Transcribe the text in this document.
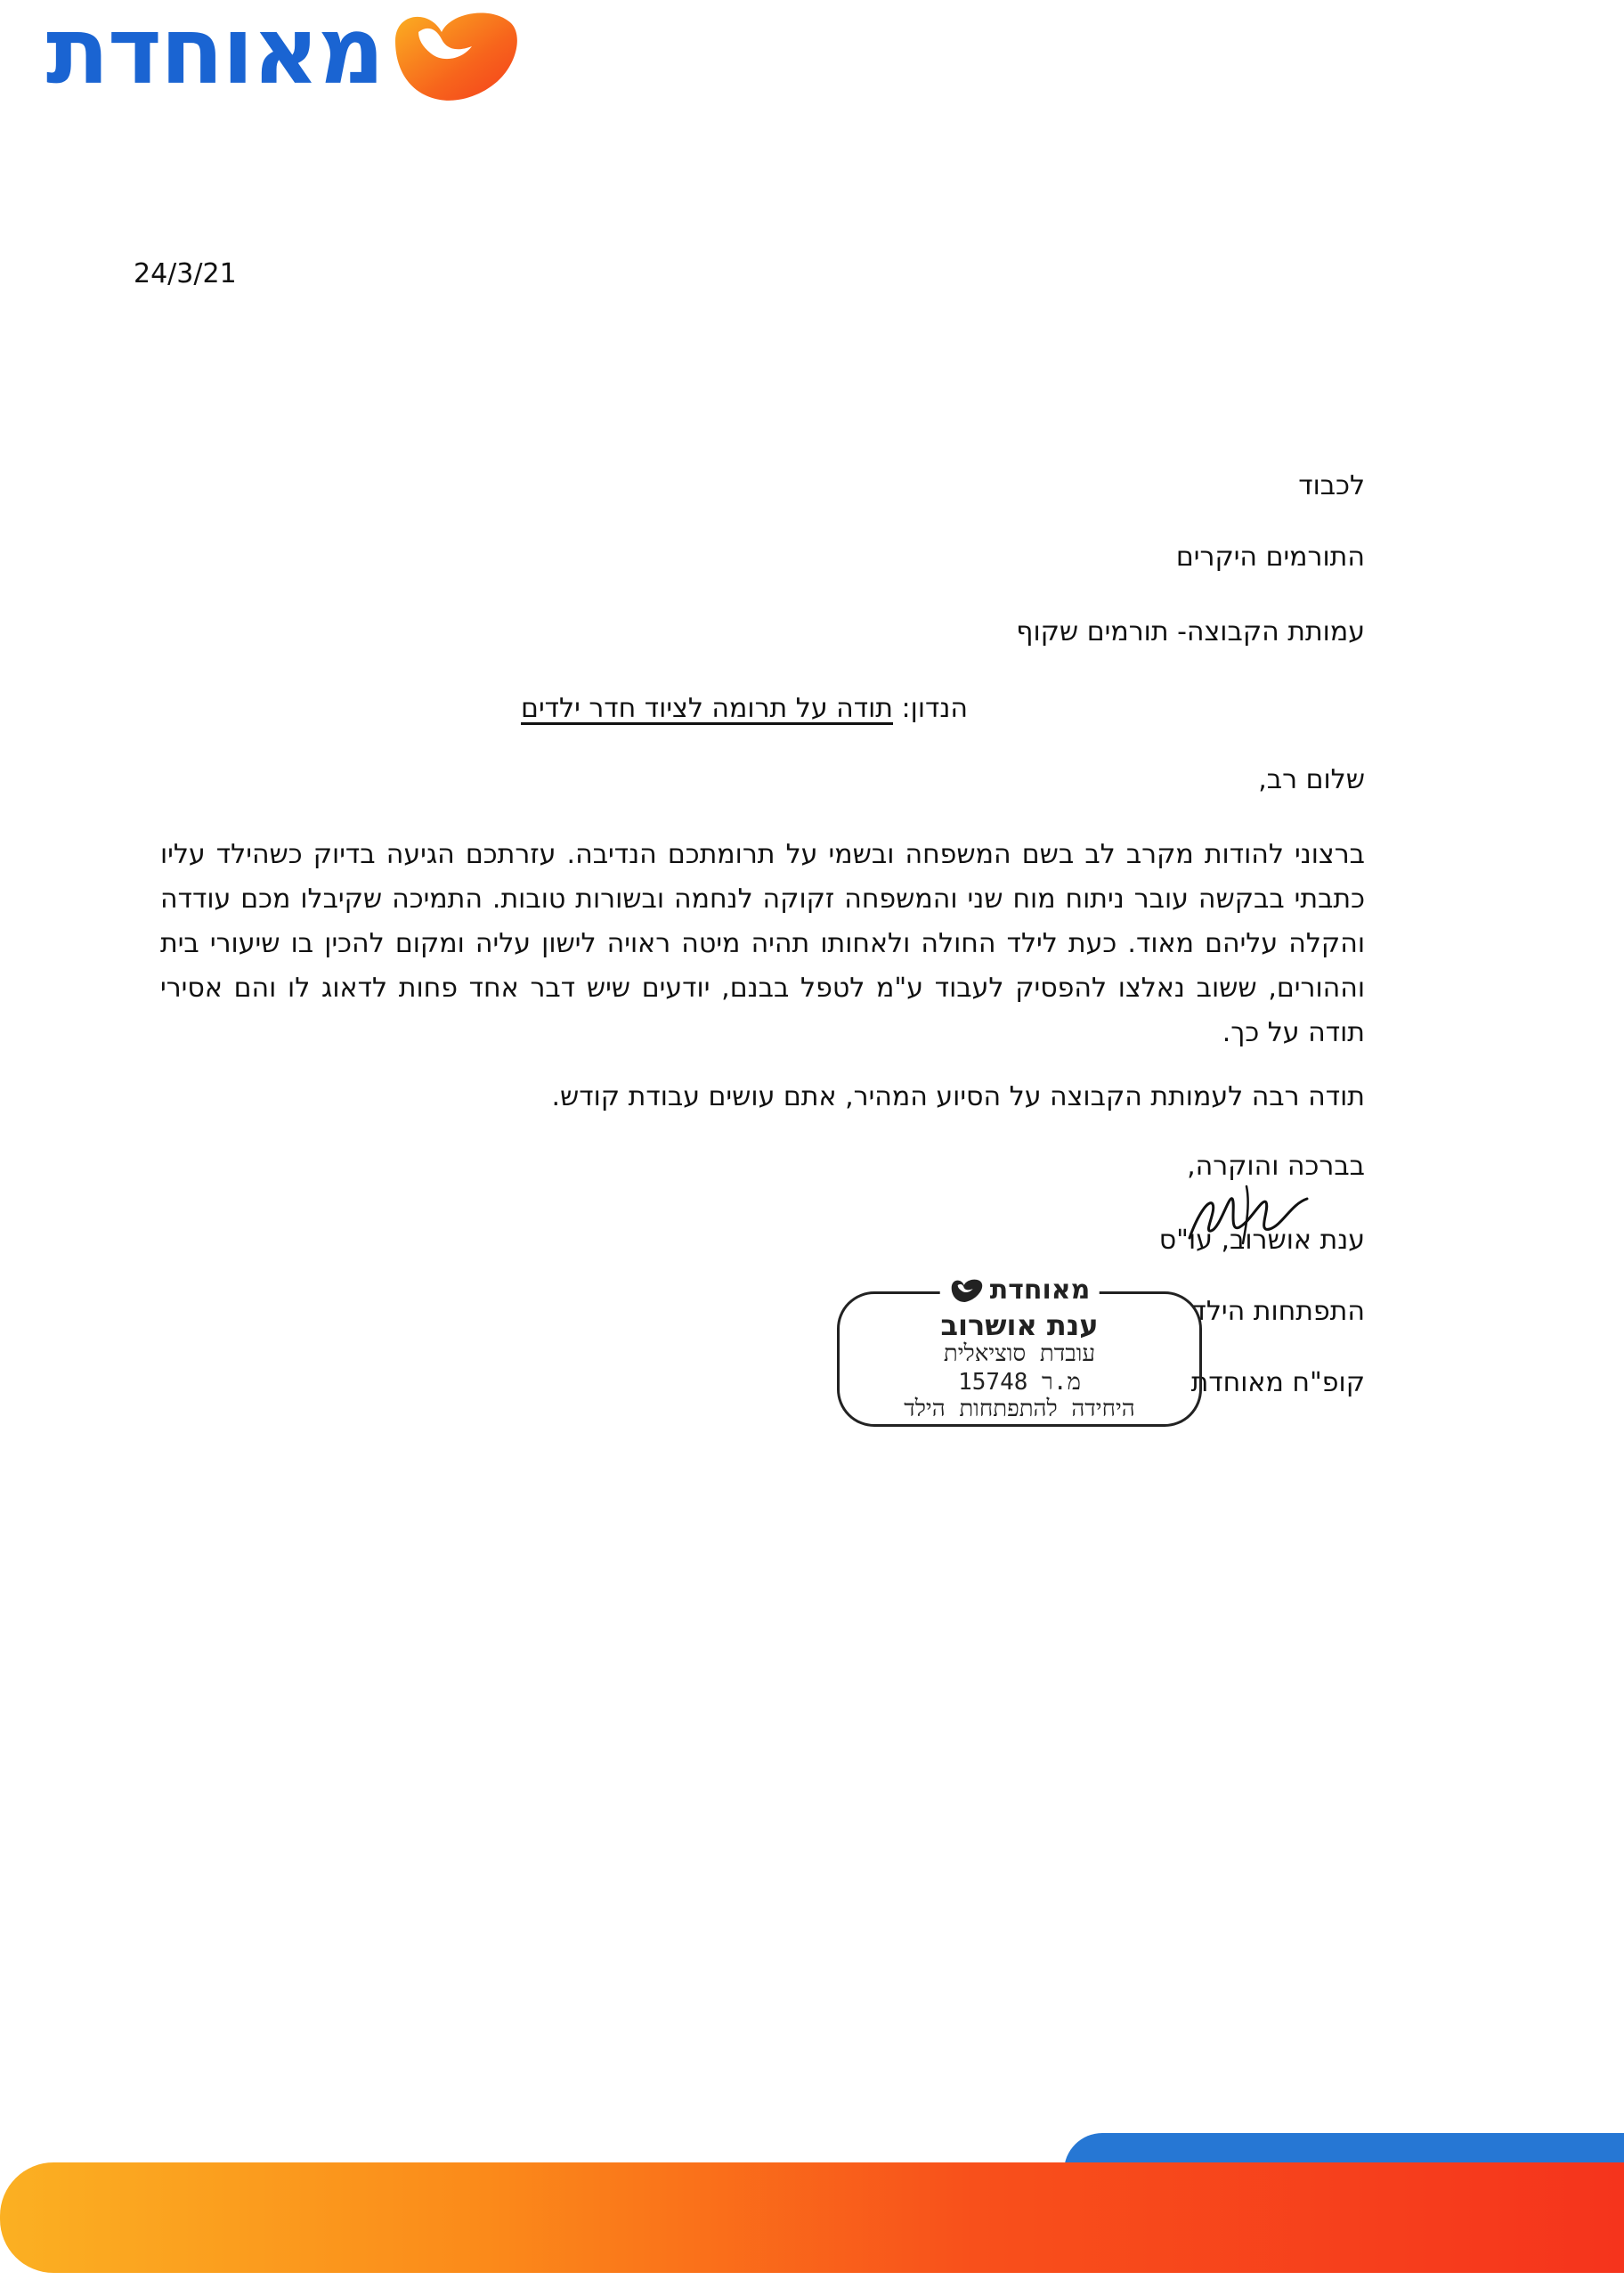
מאוחדת
24/3/21
לכבוד
התורמים היקרים
עמותת הקבוצה- תורמים שקוף
הנדון: תודה על תרומה לציוד חדר ילדים
שלום רב,
ברצוני להודות מקרב לב בשם המשפחה ובשמי על תרומתכם הנדיבה. עזרתכם הגיעה בדיוק כשהילד עליו כתבתי בבקשה עובר ניתוח מוח שני והמשפחה זקוקה לנחמה ובשורות טובות. התמיכה שקיבלו מכם עודדה והקלה עליהם מאוד. כעת לילד החולה ולאחותו תהיה מיטה ראויה לישון עליה ומקום להכין בו שיעורי בית וההורים, ששוב נאלצו להפסיק לעבוד ע"מ לטפל בבנם, יודעים שיש דבר אחד פחות לדאוג לו והם אסירי תודה על כך.
תודה רבה לעמותת הקבוצה על הסיוע המהיר, אתם עושים עבודת קודש.
בברכה והוקרה,
ענת אושרוב, עו"ס
התפתחות הילד
קופ"ח מאוחדת
מאוחדת
ענת אושרוב
עובדת סוציאלית
מ.ר 15748
היחידה להתפתחות הילד
